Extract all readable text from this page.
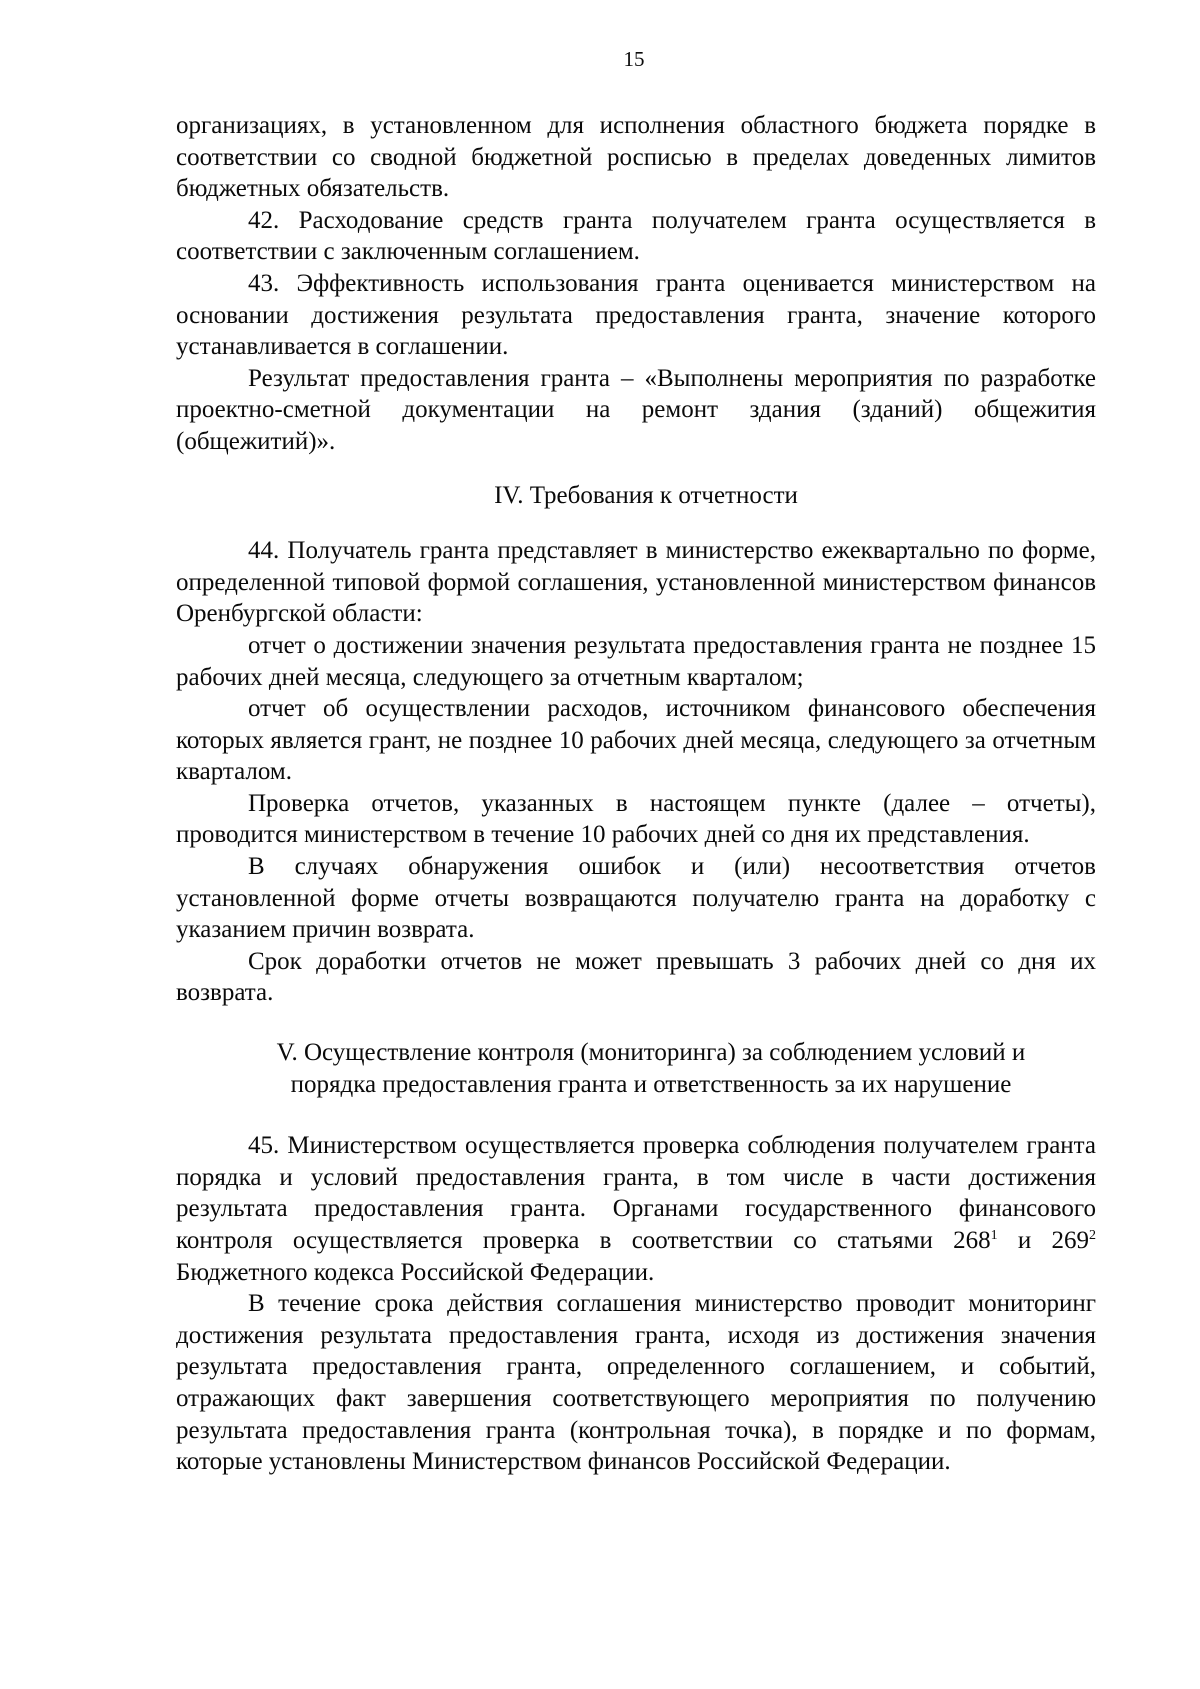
15

организациях, в установленном для исполнения областного бюджета порядке в соответствии со сводной бюджетной росписью в пределах доведенных лимитов бюджетных обязательств.

42. Расходование средств гранта получателем гранта осуществляется в соответствии с заключенным соглашением.

43. Эффективность использования гранта оценивается министерством на основании достижения результата предоставления гранта, значение которого устанавливается в соглашении.

Результат предоставления гранта – «Выполнены мероприятия по разработке проектно-сметной документации на ремонт здания (зданий) общежития (общежитий)».

IV. Требования к отчетности

44. Получатель гранта представляет в министерство ежеквартально по форме, определенной типовой формой соглашения, установленной министерством финансов Оренбургской области:

отчет о достижении значения результата предоставления гранта не позднее 15 рабочих дней месяца, следующего за отчетным кварталом;

отчет об осуществлении расходов, источником финансового обеспечения которых является грант, не позднее 10 рабочих дней месяца, следующего за отчетным кварталом.

Проверка отчетов, указанных в настоящем пункте (далее – отчеты), проводится министерством в течение 10 рабочих дней со дня их представления.

В случаях обнаружения ошибок и (или) несоответствия отчетов установленной форме отчеты возвращаются получателю гранта на доработку с указанием причин возврата.

Срок доработки отчетов не может превышать 3 рабочих дней со дня их возврата.

V. Осуществление контроля (мониторинга) за соблюдением условий и
порядка предоставления гранта и ответственность за их нарушение

45. Министерством осуществляется проверка соблюдения получателем гранта порядка и условий предоставления гранта, в том числе в части достижения результата предоставления гранта. Органами государственного финансового контроля осуществляется проверка в соответствии со статьями $268^1$ и $269^2$ Бюджетного кодекса Российской Федерации.

В течение срока действия соглашения министерство проводит мониторинг достижения результата предоставления гранта, исходя из достижения значения результата предоставления гранта, определенного соглашением, и событий, отражающих факт завершения соответствующего мероприятия по получению результата предоставления гранта (контрольная точка), в порядке и по формам, которые установлены Министерством финансов Российской Федерации.
